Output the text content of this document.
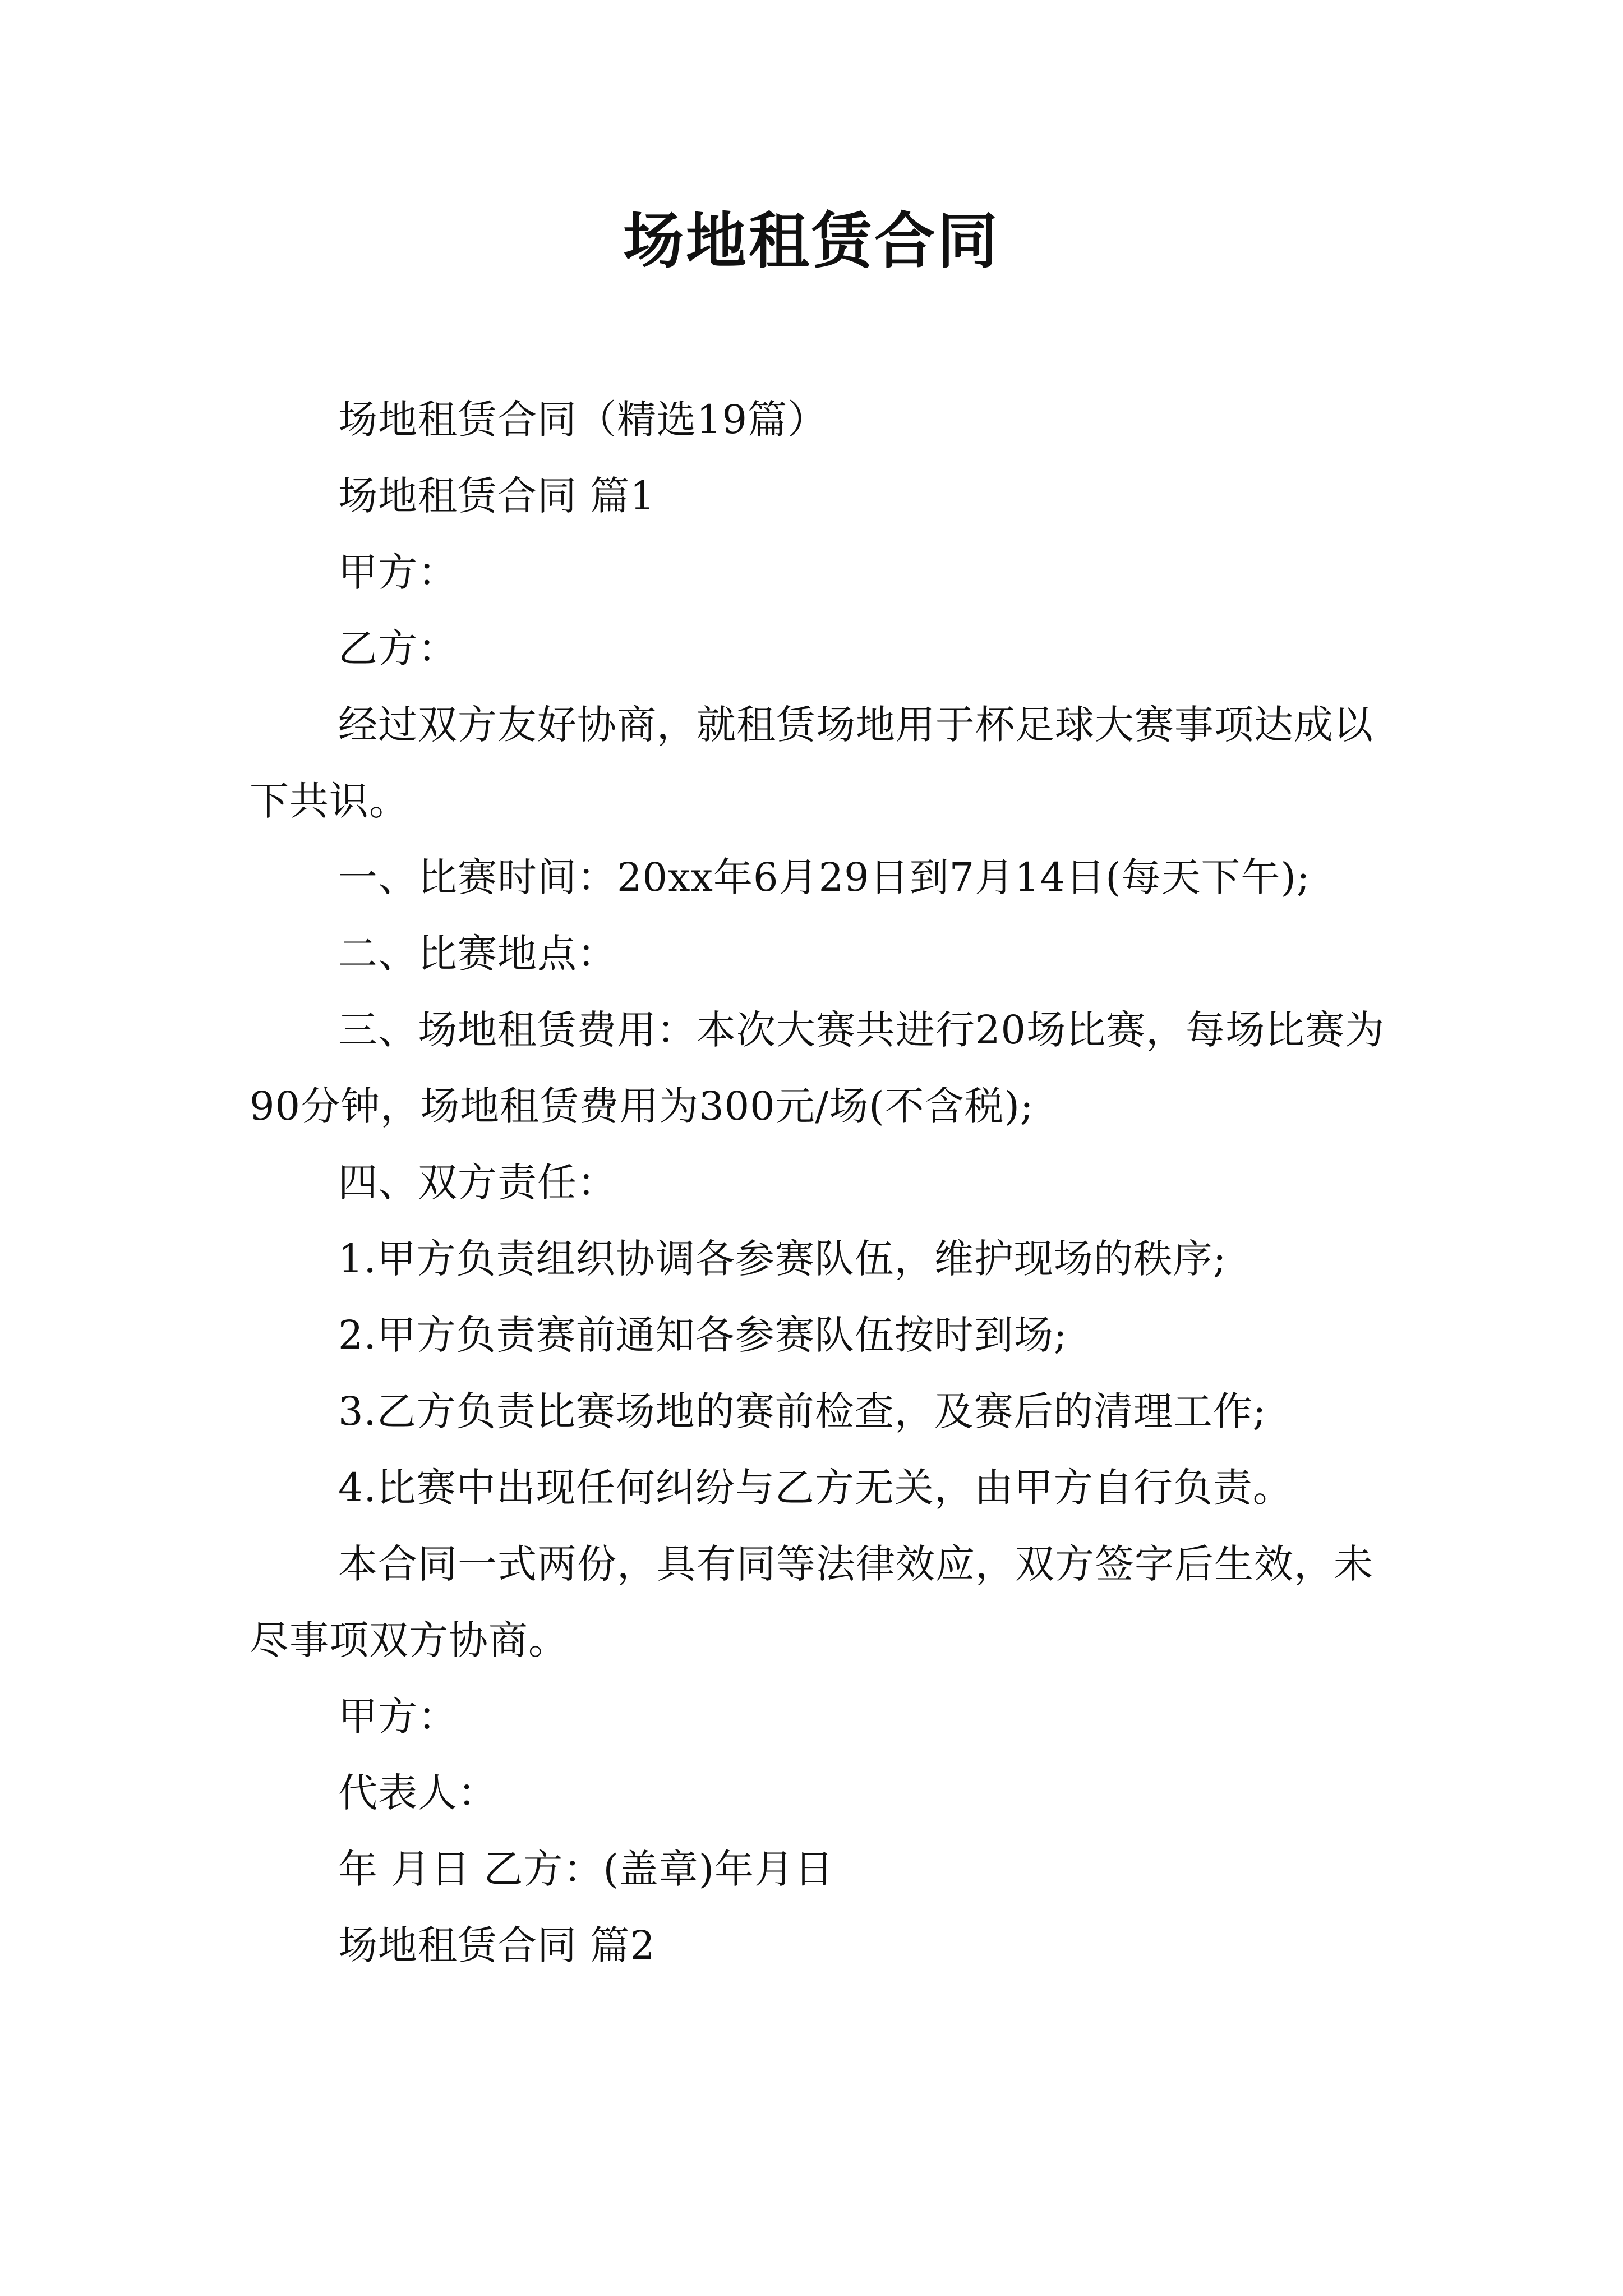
场地租赁合同

场地租赁合同（精选19篇）

场地租赁合同 篇1

甲方：

乙方：

经过双方友好协商，就租赁场地用于杯足球大赛事项达成以下共识。

一、比赛时间：20xx年6月29日到7月14日(每天下午);

二、比赛地点：

三、场地租赁费用：本次大赛共进行20场比赛，每场比赛为90分钟，场地租赁费用为300元/场(不含税);

四、双方责任：

1.甲方负责组织协调各参赛队伍，维护现场的秩序;

2.甲方负责赛前通知各参赛队伍按时到场;

3.乙方负责比赛场地的赛前检查，及赛后的清理工作;

4.比赛中出现任何纠纷与乙方无关，由甲方自行负责。

本合同一式两份，具有同等法律效应，双方签字后生效，未尽事项双方协商。

甲方：

代表人：

年 月日 乙方：(盖章)年月日

场地租赁合同 篇2
